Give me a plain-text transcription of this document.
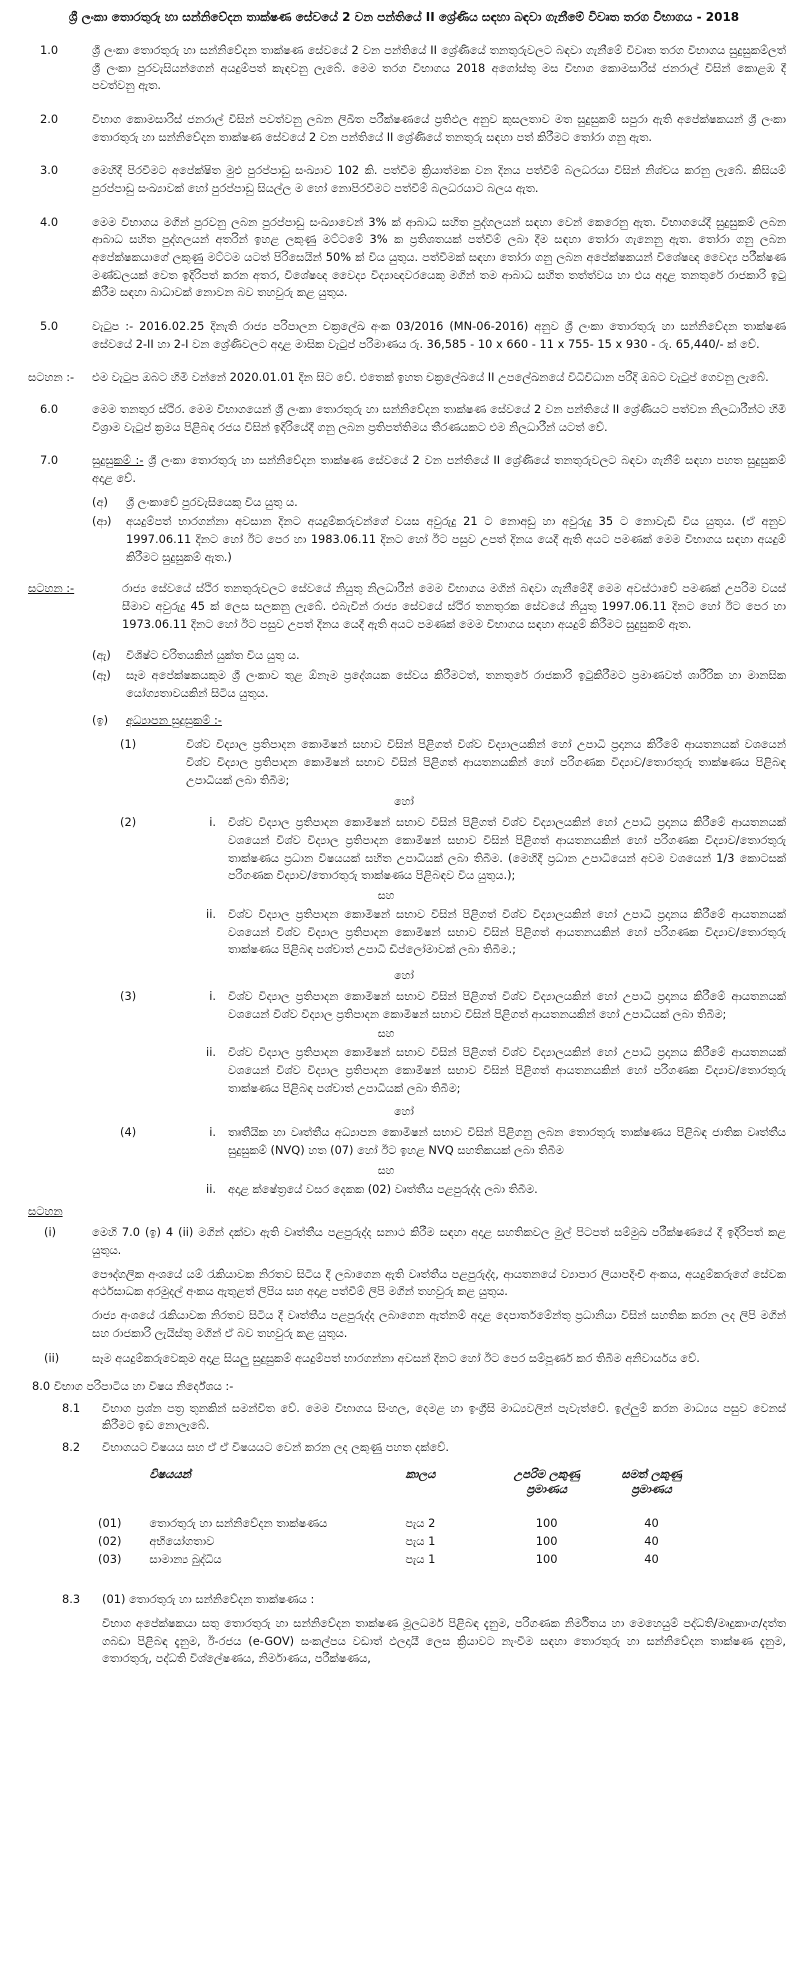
ශ්‍රී ලංකා තොරතුරු හා සන්නිවේදන තාක්ෂණ සේවයේ 2 වන පන්තියේ II ශ්‍රේණිය සඳහා බඳවා ගැනීමේ විවෘත තරග විභාගය - 2018
1.0	ශ්‍රී ලංකා තොරතුරු හා සන්නිවේදන තාක්ෂණ සේවයේ 2 වන පන්තියේ II ශ්‍රේණියේ තනතුරුවලට බඳවා ගැනීමේ විවෘත තරග විභාගය සුදුසුකම්ලත් ශ්‍රී ලංකා පුරවැසියන්ගෙන් අයදුම්පත් කැඳවනු ලැබේ. මෙම තරග විභාගය 2018 අගෝස්තු මස විභාග කොමසාරිස් ජනරාල් විසින් කොළඹ දී පවත්වනු ඇත.
2.0	විභාග කොමසාරිස් ජනරාල් විසින් පවත්වනු ලබන ලිඛිත පරීක්ෂණයේ ප්‍රතිඵල අනුව කුසලතාව මත සුදුසුකම් සපුරා ඇති අපේක්ෂකයන් ශ්‍රී ලංකා තොරතුරු හා සන්නිවේදන තාක්ෂණ සේවයේ 2 වන පන්තියේ II ශ්‍රේණියේ තනතුරු සඳහා පත් කිරීමට තෝරා ගනු ඇත.
3.0	මෙහිදී පිරවීමට අපේක්ෂිත මුළු පුරප්පාඩු සංඛ්‍යාව 102 කි. පත්වීම ක්‍රියාත්මක වන දිනය පත්වීම් බලධරයා විසින් නිශ්චය කරනු ලැබේ. කිසියම් පුරප්පාඩු සංඛ්‍යාවක් හෝ පුරප්පාඩු සියල්ල ම හෝ නොපිරවීමට පත්වීම් බලධරයාට බලය ඇත.
4.0	මෙම විභාගය මගින් පුරවනු ලබන පුරප්පාඩු සංඛ්‍යාවෙන් 3% ක් ආබාධ සහිත පුද්ගලයන් සඳහා වෙන් කෙරෙනු ඇත. විභාගයේදී සුදුසුකම් ලබන ආබාධ සහිත පුද්ගලයන් අතරින් ඉහළ ලකුණු මට්ටමේ 3% ක ප්‍රතිශතයක් පත්වීම් ලබා දීම සඳහා තෝරා ගැනෙනු ඇත. තෝරා ගනු ලබන අපේක්ෂකයාගේ ලකුණු මට්ටම යටත් පිරිසෙයින් 50% ක් විය යුතුය. පත්වීමක් සඳහා තෝරා ගනු ලබන අපේක්ෂකයන් විශේෂඥ වෛද්‍ය පරීක්ෂණ මණ්ඩලයක් වෙත ඉදිරිපත් කරන අතර, විශේෂඥ වෛද්‍ය විද්‍යාඥවරයෙකු මගින් තම ආබාධ සහිත තත්ත්වය හා එය අදාළ තනතුරේ රාජකාරි ඉටු කිරීම සඳහා බාධාවක් නොවන බව තහවුරු කළ යුතුය.
5.0	වැටුප :- 2016.02.25 දිනැති රාජ්‍ය පරිපාලන චක්‍රලේඛ අංක 03/2016 (MN-06-2016) අනුව ශ්‍රී ලංකා තොරතුරු හා සන්නිවේදන තාක්ෂණ සේවයේ 2-II හා 2-I වන ශ්‍රේණිවලට අදාළ මාසික වැටුප් පරිමාණය රු. 36,585 - 10 x 660 - 11 x 755- 15 x 930 - රු. 65,440/- ක් වේ.
සටහන :-	එම වැටුප ඔබට හිමි වන්නේ 2020.01.01 දින සිට වේ. එතෙක් ඉහත චක්‍රලේඛයේ II උපලේඛනයේ විධිවිධාන පරිදි ඔබට වැටුප් ගෙවනු ලැබේ.
6.0	මෙම තනතුර ස්ථිර. මෙම විභාගයෙන් ශ්‍රී ලංකා තොරතුරු හා සන්නිවේදන තාක්ෂණ සේවයේ 2 වන පන්තියේ II ශ්‍රේණියට පත්වන නිලධාරීන්ට හිමි විශ්‍රාම වැටුප් ක්‍රමය පිළිබඳ රජය විසින් ඉදිරියේදී ගනු ලබන ප්‍රතිපත්තිමය තීරණයකට එම නිලධාරීන් යටත් වේ.
7.0	සුදුසුකම් :- ශ්‍රී ලංකා තොරතුරු හා සන්නිවේදන තාක්ෂණ සේවයේ 2 වන පන්තියේ II ශ්‍රේණියේ තනතුරුවලට බඳවා ගැනීම් සඳහා පහත සුදුසුකම් අදාළ වේ.
(අ)	ශ්‍රී ලංකාවේ පුරවැසියෙකු විය යුතු ය.
(ආ)	අයදුම්පත් භාරගන්නා අවසාන දිනට අයදුම්කරුවන්ගේ වයස අවුරුදු 21 ට නොඅඩු හා අවුරුදු 35 ට නොවැඩි විය යුතුය. (ඒ අනුව 1997.06.11 දිනට හෝ ඊට පෙර හා 1983.06.11 දිනට හෝ ඊට පසුව උපත් දිනය යෙදී ඇති අයට පමණක් මෙම විභාගය සඳහා අයදුම් කිරීමට සුදුසුකම් ඇත.)
සටහන :-	රාජ්‍ය සේවයේ ස්ථිර තනතුරුවලට සේවයේ නියුතු නිලධාරීන් මෙම විභාගය මගින් බඳවා ගැනීමේදී මෙම අවස්ථාවේ පමණක් උපරිම වයස් සීමාව අවුරුදු 45 ක් ලෙස සලකනු ලැබේ. එබැවින් රාජ්‍ය සේවයේ ස්ථිර තනතුරක සේවයේ නියුතු 1997.06.11 දිනට හෝ ඊට පෙර හා 1973.06.11 දිනට හෝ ඊට පසුව උපත් දිනය යෙදී ඇති අයට පමණක් මෙම විභාගය සඳහා අයදුම් කිරීමට සුදුසුකම් ඇත.
(ඇ)	විශිෂ්ට චරිතයකින් යුක්ත විය යුතු ය.
(ඈ)	සෑම අපේක්ෂකයකුම ශ්‍රී ලංකාව තුළ ඕනෑම ප්‍රදේශයක සේවය කිරීමටත්, තනතුරේ රාජකාරි ඉටුකිරීමට ප්‍රමාණවත් ශාරීරික හා මානසික යෝග්‍යතාවයකින් සිටිය යුතුය.
(ඉ)	අධ්‍යාපන සුදුසුකම් :-
(1)	විශ්ව විද්‍යාල ප්‍රතිපාදන කොමිෂන් සභාව විසින් පිළිගත් විශ්ව විද්‍යාලයකින් හෝ උපාධි ප්‍රදානය කිරීමේ ආයතනයක් වශයෙන් විශ්ව විද්‍යාල ප්‍රතිපාදන කොමිෂන් සභාව විසින් පිළිගත් ආයතනයකින් හෝ පරිගණක විද්‍යාව/තොරතුරු තාක්ෂණය පිළිබඳ උපාධියක් ලබා තිබීම;
හෝ
(2)	i.	විශ්ව විද්‍යාල ප්‍රතිපාදන කොමිෂන් සභාව විසින් පිළිගත් විශ්ව විද්‍යාලයකින් හෝ උපාධි ප්‍රදානය කිරීමේ ආයතනයක් වශයෙන් විශ්ව විද්‍යාල ප්‍රතිපාදන කොමිෂන් සභාව විසින් පිළිගත් ආයතනයකින් හෝ පරිගණක විද්‍යාව/තොරතුරු තාක්ෂණය ප්‍රධාන විෂයයක් සහිත උපාධියක් ලබා තිබීම. (මෙහිදී ප්‍රධාන උපාධියෙන් අවම වශයෙන් 1/3 කොටසක් පරිගණක විද්‍යාව/තොරතුරු තාක්ෂණය පිළිබඳව විය යුතුය.);
සහ
ii.	විශ්ව විද්‍යාල ප්‍රතිපාදන කොමිෂන් සභාව විසින් පිළිගත් විශ්ව විද්‍යාලයකින් හෝ උපාධි ප්‍රදානය කිරීමේ ආයතනයක් වශයෙන් විශ්ව විද්‍යාල ප්‍රතිපාදන කොමිෂන් සභාව විසින් පිළිගත් ආයතනයකින් හෝ පරිගණක විද්‍යාව/තොරතුරු තාක්ෂණය පිළිබඳ පශ්චාත් උපාධි ඩිප්ලෝමාවක් ලබා තිබීම.;
හෝ
(3)	i.	විශ්ව විද්‍යාල ප්‍රතිපාදන කොමිෂන් සභාව විසින් පිළිගත් විශ්ව විද්‍යාලයකින් හෝ උපාධි ප්‍රදානය කිරීමේ ආයතනයක් වශයෙන් විශ්ව විද්‍යාල ප්‍රතිපාදන කොමිෂන් සභාව විසින් පිළිගත් ආයතනයකින් හෝ උපාධියක් ලබා තිබීම;
සහ
ii.	විශ්ව විද්‍යාල ප්‍රතිපාදන කොමිෂන් සභාව විසින් පිළිගත් විශ්ව විද්‍යාලයකින් හෝ උපාධි ප්‍රදානය කිරීමේ ආයතනයක් වශයෙන් විශ්ව විද්‍යාල ප්‍රතිපාදන කොමිෂන් සභාව විසින් පිළිගත් ආයතනයකින් හෝ පරිගණක විද්‍යාව/තොරතුරු තාක්ෂණය පිළිබඳ පශ්චාත් උපාධියක් ලබා තිබීම;
හෝ
(4)	i.	තෘතීයික හා වෘත්තීය අධ්‍යාපන කොමිෂන් සභාව විසින් පිළිගනු ලබන තොරතුරු තාක්ෂණය පිළිබඳ ජාතික වෘත්තීය සුදුසුකම් (NVQ) හත (07) හෝ ඊට ඉහළ NVQ සහතිකයක් ලබා තිබීම
සහ
ii.	අදාළ ක්ෂේත්‍රයේ වසර දෙකක (02) වෘත්තීය පළපුරුද්ද ලබා තිබීම.
සටහන
(i)	මෙහි 7.0 (ඉ) 4 (ii) මගින් දක්වා ඇති වෘත්තීය පළපුරුද්ද සනාථ කිරීම සඳහා අදාළ සහතිකවල මුල් පිටපත් සම්මුඛ පරීක්ෂණයේ දී ඉදිරිපත් කළ යුතුය.
පෞද්ගලික අංශයේ යම් රැකියාවක නිරතව සිටිය දී ලබාගෙන ඇති වෘත්තීය පළපුරුද්ද, ආයතනයේ ව්‍යාපාර ලියාපදිංචි අංකය, අයදුම්කරුගේ සේවක අර්ථසාධක අරමුදල් අංකය ඇතුළත් ලිපිය සහ අදාළ පත්වීම් ලිපි මගින් තහවුරු කළ යුතුය.
රාජ්‍ය අංශයේ රැකියාවක නිරතව සිටිය දී වෘත්තීය පළපුරුද්ද ලබාගෙන ඇත්නම් අදාළ දෙපාර්තමේන්තු ප්‍රධානියා විසින් සහතික කරන ලද ලිපි මගින් සහ රාජකාරි ලැයිස්තු මගින් ඒ බව තහවුරු කළ යුතුය.
(ii)	සෑම අයදුම්කරුවෙකුම අදාළ සියලු සුදුසුකම් අයදුම්පත් භාරගන්නා අවසන් දිනට හෝ ඊට පෙර සම්පූර්ණ කර තිබීම අනිවාර්යය වේ.
8.0 විභාග පරිපාටිය හා විෂය නිර්දේශය :-
8.1	විභාග ප්‍රශ්න පත්‍ර තුනකින් සමන්විත වේ. මෙම විභාගය සිංහල, දෙමළ හා ඉංග්‍රීසි මාධ්‍යවලින් පැවැත්වේ. ඉල්ලුම් කරන මාධ්‍යය පසුව වෙනස් කිරීමට ඉඩ නොලැබේ.
8.2	විභාගයට විෂයය සහ ඒ ඒ විෂයයට වෙන් කරන ලද ලකුණු පහත දක්වේ.
	විෂයයන්	කාලය	උපරිම ලකුණු ප්‍රමාණය	සමත් ලකුණු ප්‍රමාණය

(01)	තොරතුරු හා සන්නිවේදන තාක්ෂණය	පැය 2	100	40
(02)	අභියෝගතාව	පැය 1	100	40
(03)	සාමාන්‍ය බුද්ධිය	පැය 1	100	40
8.3	(01) තොරතුරු හා සන්නිවේදන තාක්ෂණය :
විභාග අපේක්ෂකයා සතු තොරතුරු හා සන්නිවේදන තාක්ෂණ මූලධර්ම පිළිබඳ දැනුම, පරිගණක නිර්මිතය හා මෙහෙයුම් පද්ධති/මෘදුකාංග/දත්ත ගබඩා පිළිබඳ දැනුම, ඊ-රජය (e-GOV) සංකල්පය වඩාත් ඵලදායී ලෙස ක්‍රියාවට නැංවීම සඳහා තොරතුරු හා සන්නිවේදන තාක්ෂණ දැනුම, තොරතුරු, පද්ධති විශ්ලේෂණය, නිර්මාණය, පරීක්ෂණය,
